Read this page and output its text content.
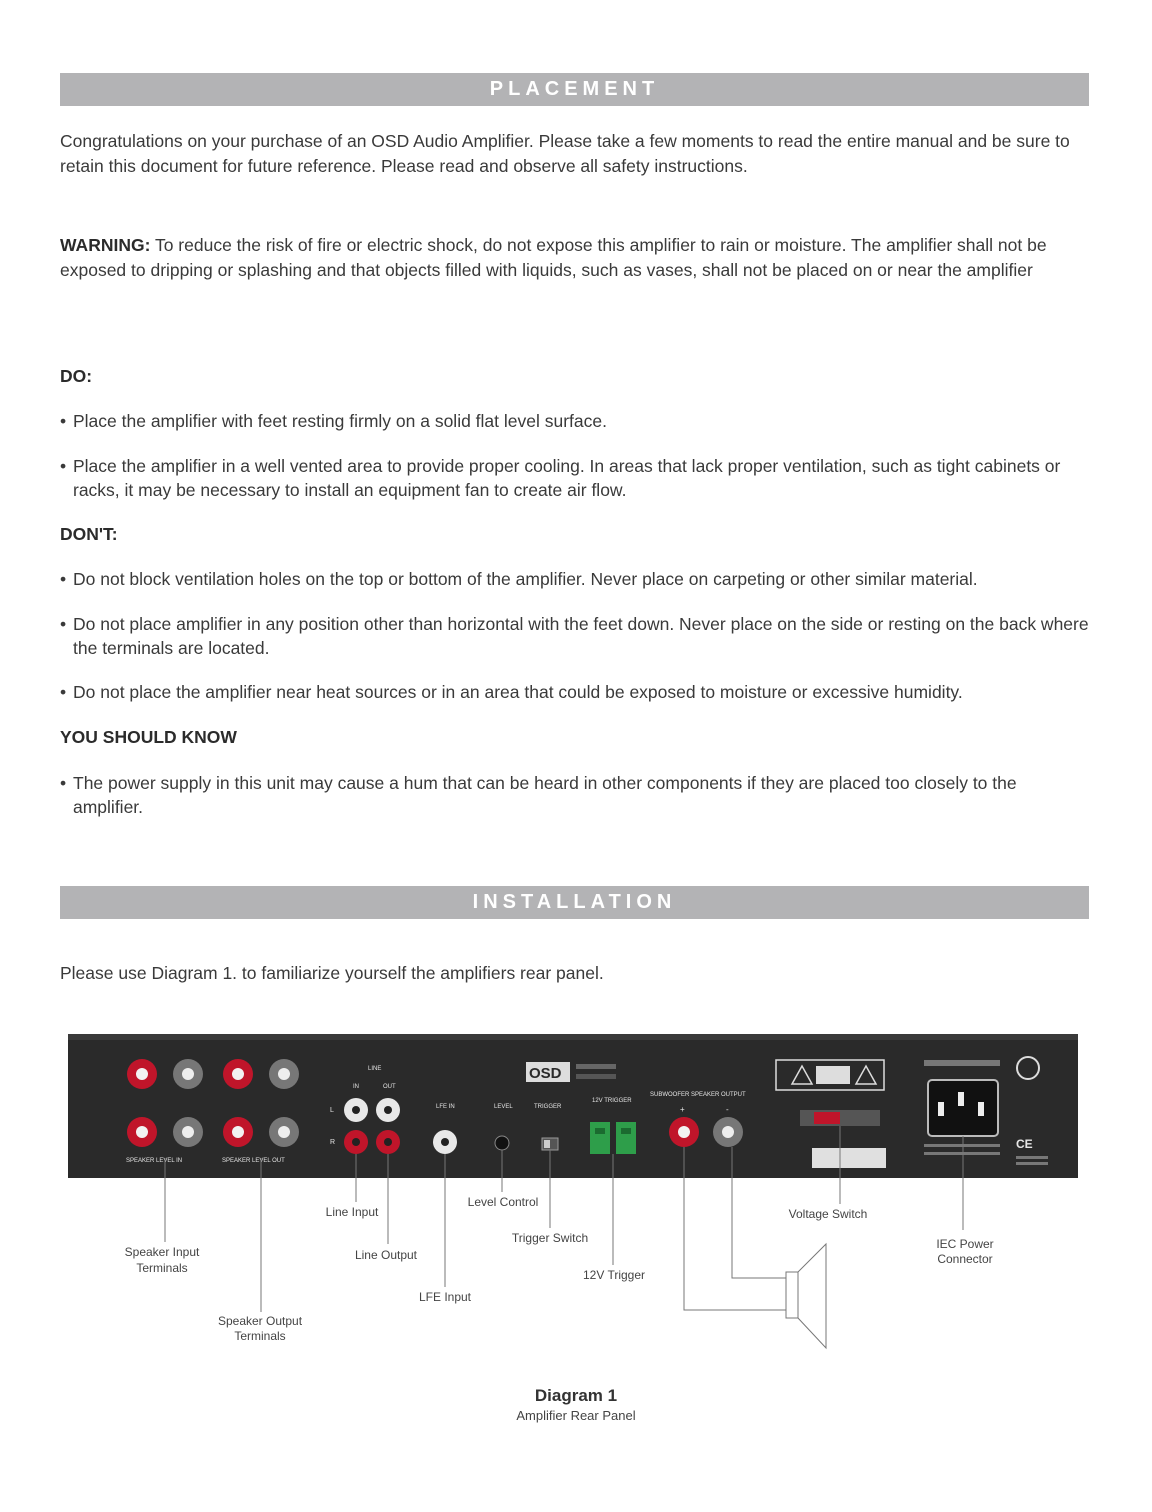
PLACEMENT
Congratulations on your purchase of an OSD Audio Amplifier. Please take a few moments to read the entire manual and be sure to retain this document for future reference. Please read and observe all safety instructions.
WARNING: To reduce the risk of fire or electric shock, do not expose this amplifier to rain or moisture. The amplifier shall not be exposed to dripping or splashing and that objects filled with liquids, such as vases, shall not be placed on or near the amplifier
DO:
• Place the amplifier with feet resting firmly on a solid flat level surface.
• Place the amplifier in a well vented area to provide proper cooling. In areas that lack proper ventilation, such as tight cabinets or racks, it may be necessary to install an equipment fan to create air flow.
DON'T:
• Do not block ventilation holes on the top or bottom of the amplifier. Never place on carpeting or other similar material.
• Do not place amplifier in any position other than horizontal with the feet down. Never place on the side or resting on the back where the terminals are located.
• Do not place the amplifier near heat sources or in an area that could be exposed to moisture or excessive humidity.
YOU SHOULD KNOW
• The power supply in this unit may cause a hum that can be heard in other components if they are placed too closely to the amplifier.
INSTALLATION
Please use Diagram 1. to familiarize yourself the amplifiers rear panel.
SPEAKER LEVEL IN	SPEAKER LEVEL OUT
LINE
IN	OUT
L
R
LFE IN
OSD
LEVEL	TRIGGER
12V TRIGGER
SUBWOOFER SPEAKER OUTPUT
+	-
CE
Speaker Input
Terminals
Speaker Output
Terminals
Line Input
Line Output
LFE Input
Level Control
Trigger Switch
12V Trigger
Voltage Switch
IEC Power
Connector
Diagram 1
Amplifier Rear Panel
